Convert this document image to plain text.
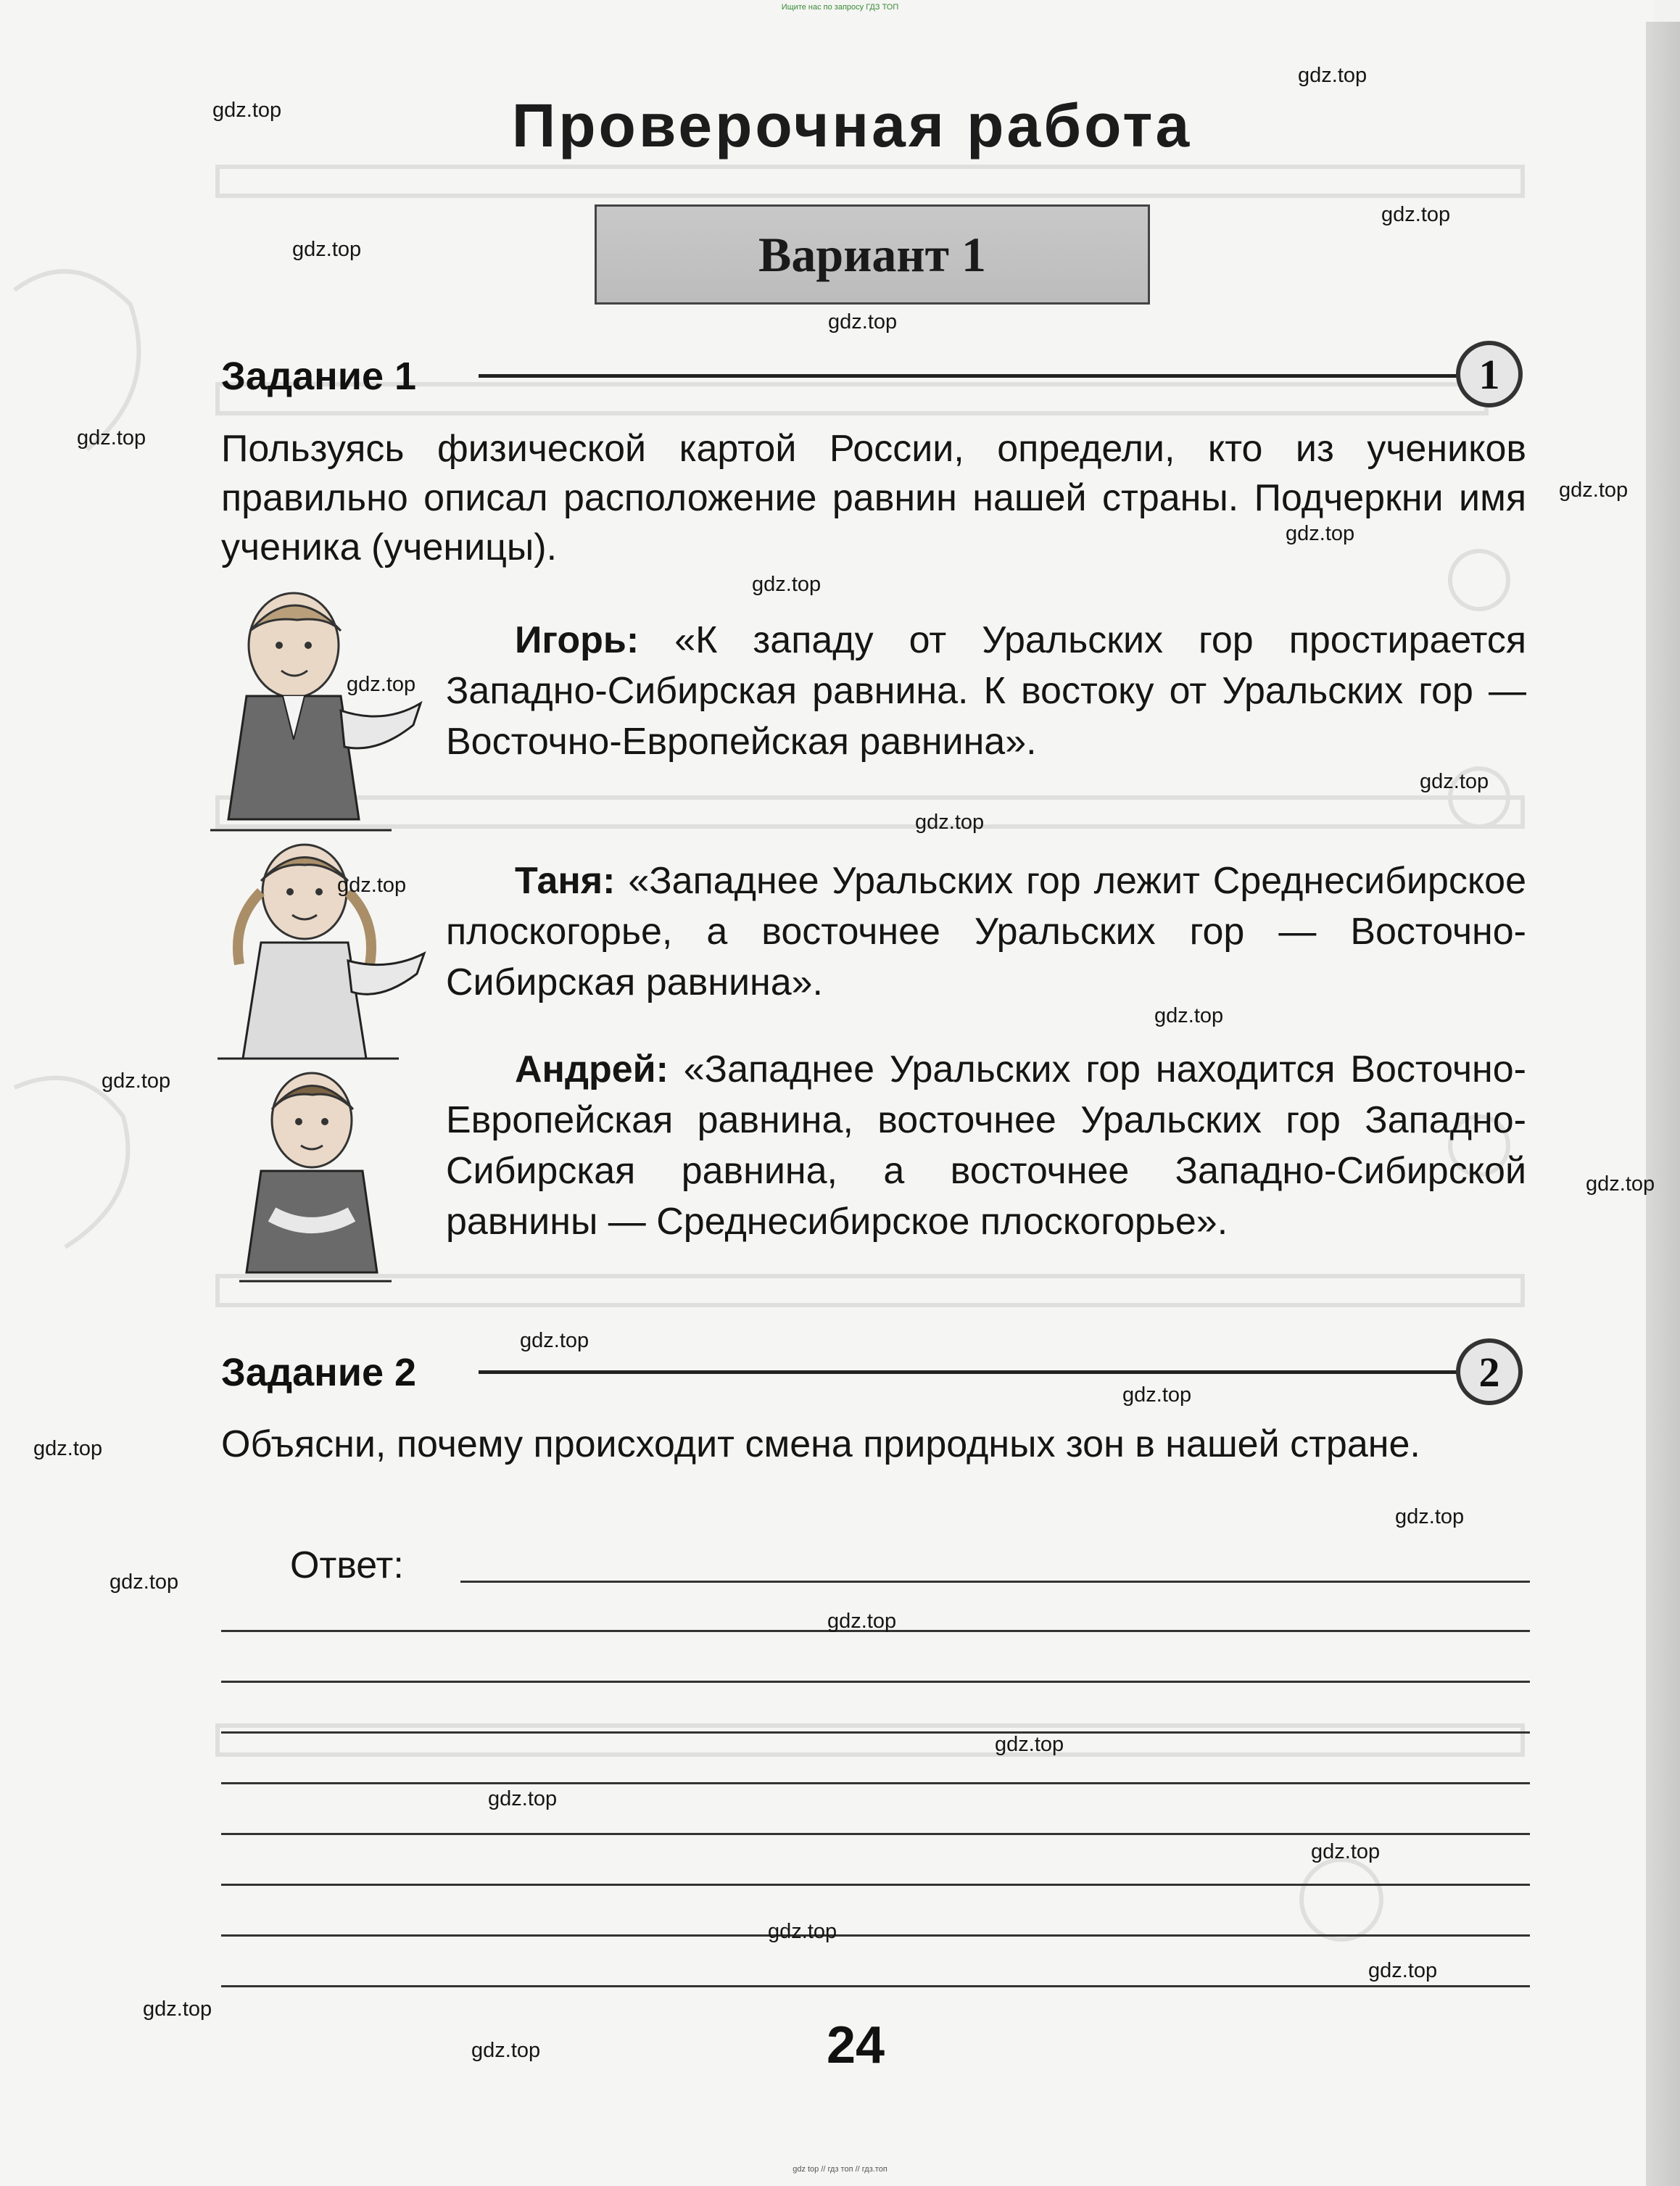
Ищите нас по запросу ГДЗ ТОП
Проверочная работа
Вариант 1
Задание 1	1
Пользуясь физической картой России, определи, кто из учеников правильно описал расположение равнин нашей страны. Подчеркни имя ученика (ученицы).
Игорь: «К западу от Уральских гор простирается Западно-Сибирская равнина. К востоку от Уральских гор — Восточно-Европейская равнина».
Таня: «Западнее Уральских гор лежит Среднесибирское плоскогорье, а восточнее Уральских гор — Восточно-Сибирская равнина».
Андрей: «Западнее Уральских гор находится Восточно-Европейская равнина, восточнее Уральских гор Западно-Сибирская равнина, а восточнее Западно-Сибирской равнины — Среднесибирское плоскогорье».
Задание 2	2
Объясни, почему происходит смена природных зон в нашей стране.
Ответ:
24
gdz.top
gdz.top
gdz.top
gdz.top
gdz.top
gdz.top
gdz.top
gdz.top
gdz.top
gdz.top
gdz.top
gdz.top
gdz.top
gdz.top
gdz.top
gdz.top
gdz.top
gdz.top
gdz.top
gdz.top
gdz.top
gdz.top
gdz.top
gdz.top
gdz.top
gdz.top
gdz.top
gdz.top
gdz.top
gdz top // гдз топ // гдз.топ
